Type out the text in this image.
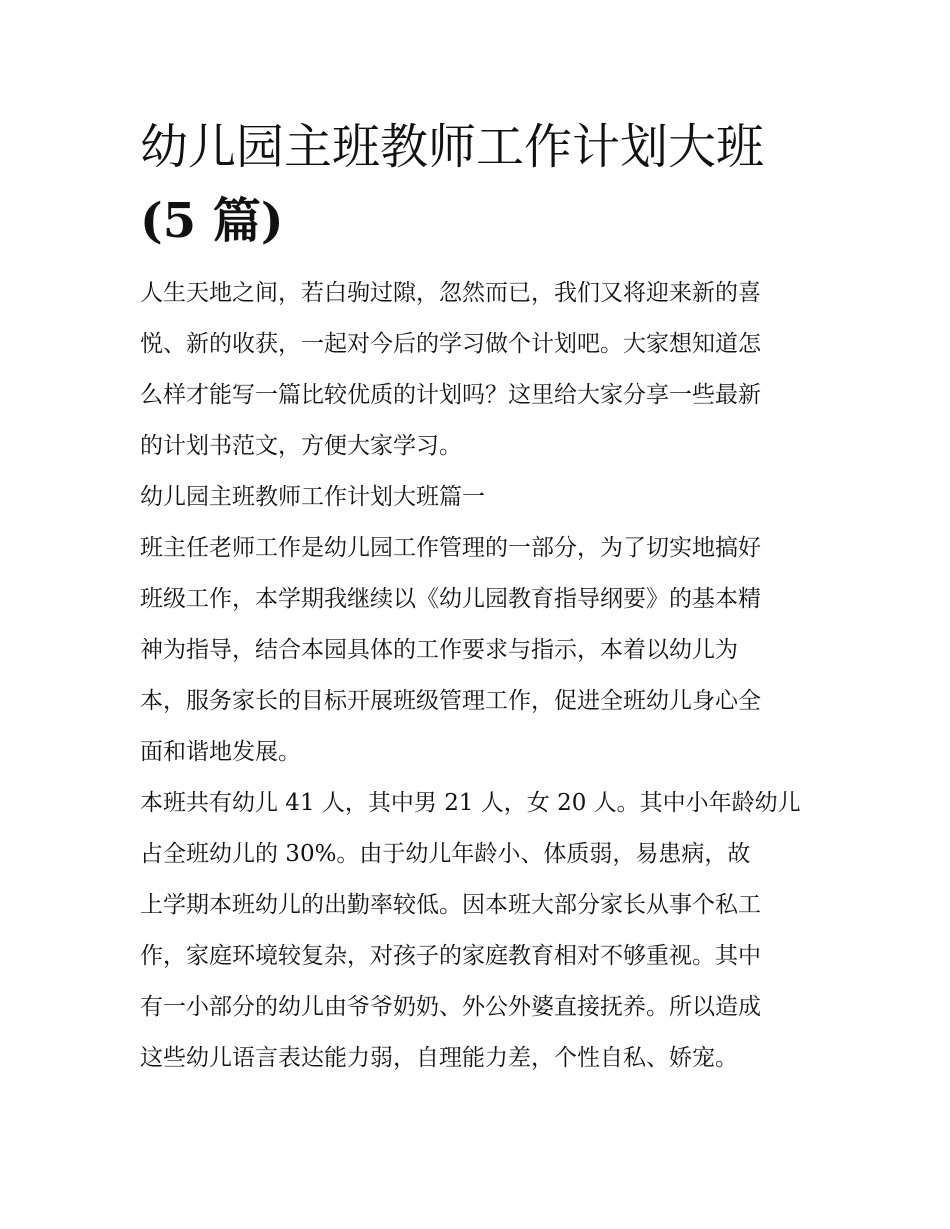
幼儿园主班教师工作计划大班
(5 篇)

人生天地之间，若白驹过隙，忽然而已，我们又将迎来新的喜
悦、新的收获，一起对今后的学习做个计划吧。大家想知道怎
么样才能写一篇比较优质的计划吗？这里给大家分享一些最新
的计划书范文，方便大家学习。

幼儿园主班教师工作计划大班篇一

班主任老师工作是幼儿园工作管理的一部分，为了切实地搞好
班级工作，本学期我继续以《幼儿园教育指导纲要》的基本精
神为指导，结合本园具体的工作要求与指示，本着以幼儿为
本，服务家长的目标开展班级管理工作，促进全班幼儿身心全
面和谐地发展。

本班共有幼儿 41 人，其中男 21 人，女 20 人。其中小年龄幼儿
占全班幼儿的 30%。由于幼儿年龄小、体质弱，易患病，故
上学期本班幼儿的出勤率较低。因本班大部分家长从事个私工
作，家庭环境较复杂，对孩子的家庭教育相对不够重视。其中
有一小部分的幼儿由爷爷奶奶、外公外婆直接抚养。所以造成
这些幼儿语言表达能力弱，自理能力差，个性自私、娇宠。
